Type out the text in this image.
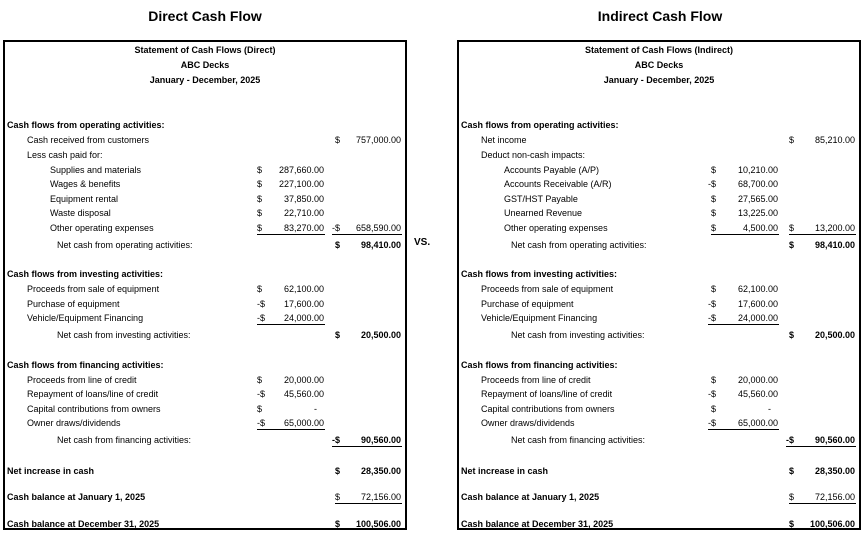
Direct Cash Flow	Indirect Cash Flow
VS.
Statement of Cash Flows (Direct)
ABC Decks
January - December, 2025
Cash flows from operating activities:
Cash received from customers	$	757,000.00
Less cash paid for:
Supplies and materials	$	287,660.00
Wages & benefits	$	227,100.00
Equipment rental	$	37,850.00
Waste disposal	$	22,710.00
Other operating expenses	$	83,270.00 -$	658,590.00
Net cash from operating activities:	$	98,410.00
Cash flows from investing activities:
Proceeds from sale of equipment	$	62,100.00
Purchase of equipment	-$	17,600.00
Vehicle/Equipment Financing	-$	24,000.00
Net cash from investing activities:	$	20,500.00
Cash flows from financing activities:
Proceeds from line of credit	$	20,000.00
Repayment of loans/line of credit	-$	45,560.00
Capital contributions from owners	$	-
Owner draws/dividends	-$	65,000.00
Net cash from financing activities:	-$	90,560.00
Net increase in cash	$	28,350.00
Cash balance at January 1, 2025	$	72,156.00
Cash balance at December 31, 2025	$	100,506.00
Statement of Cash Flows (Indirect)
ABC Decks
January - December, 2025
Cash flows from operating activities:
Net income	$	85,210.00
Deduct non-cash impacts:
Accounts Payable (A/P)	$	10,210.00
Accounts Receivable (A/R)	-$	68,700.00
GST/HST Payable	$	27,565.00
Unearned Revenue	$	13,225.00
Other operating expenses	$	4,500.00 $	13,200.00
Net cash from operating activities:	$	98,410.00
Cash flows from investing activities:
Proceeds from sale of equipment	$	62,100.00
Purchase of equipment	-$	17,600.00
Vehicle/Equipment Financing	-$	24,000.00
Net cash from investing activities:	$	20,500.00
Cash flows from financing activities:
Proceeds from line of credit	$	20,000.00
Repayment of loans/line of credit	-$	45,560.00
Capital contributions from owners	$	-
Owner draws/dividends	-$	65,000.00
Net cash from financing activities:	-$	90,560.00
Net increase in cash	$	28,350.00
Cash balance at January 1, 2025	$	72,156.00
Cash balance at December 31, 2025	$	100,506.00
